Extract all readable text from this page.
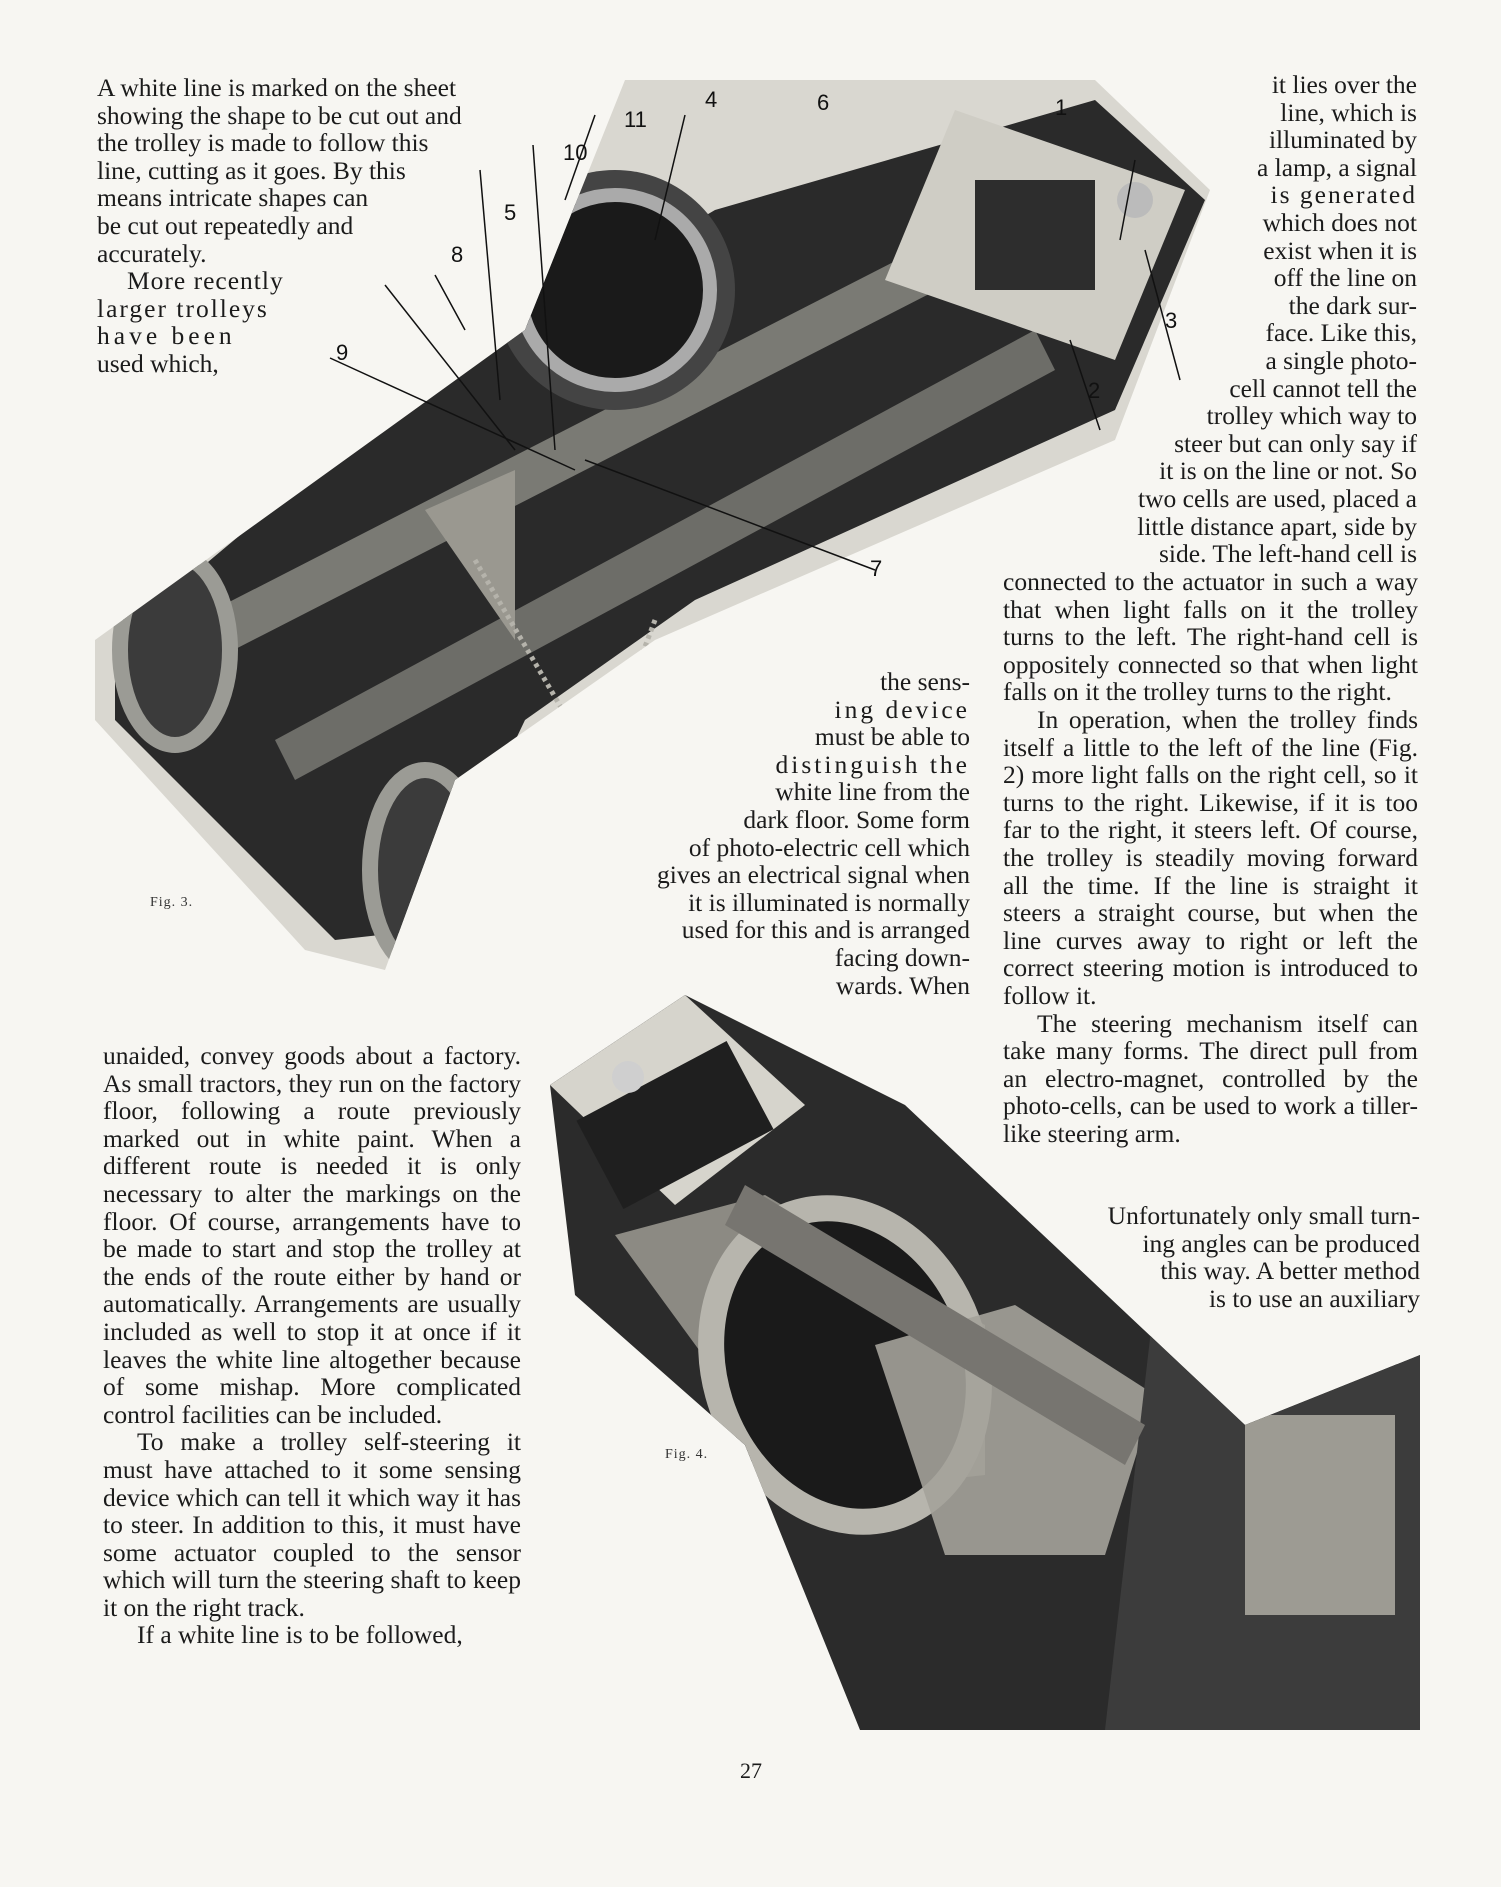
A white line is marked on the sheet
showing the shape to be cut out and
the trolley is made to follow this
line, cutting as it goes. By this
means intricate shapes can
be cut out repeatedly and
accurately.
More recently
larger trolleys
have been
used which,
1
2
3
4
5
6
7
8
9
10
11
Fig. 3.
the sens-
ing device
must be able to
distinguish the
white line from the
dark floor. Some form
of photo-electric cell which
gives an electrical signal when
it is illuminated is normally
used for this and is arranged
facing down-
wards. When
it lies over the
line, which is
illuminated by
a lamp, a signal
is generated
which does not
exist when it is
off the line on
the dark sur-
face. Like this,
a single photo-
cell cannot tell the
trolley which way to
steer but can only say if
it is on the line or not. So
two cells are used, placed a
little distance apart, side by
side. The left-hand cell is

connected to the actuator in such a way that when light falls on it the trolley turns to the left. The right-hand cell is oppositely connected so that when light falls on it the trolley turns to the right.

In operation, when the trolley finds itself a little to the left of the line (Fig. 2) more light falls on the right cell, so it turns to the right. Likewise, if it is too far to the right, it steers left. Of course, the trolley is steadily moving forward all the time. If the line is straight it steers a straight course, but when the line curves away to right or left the correct steering motion is introduced to follow it.

The steering mechanism itself can take many forms. The direct pull from an electro-magnet, controlled by the photo-cells, can be used to work a tiller-like steering arm.

Unfortunately only small turn-
ing angles can be produced
this way. A better method
is to use an auxiliary
Fig. 4.

unaided, convey goods about a factory. As small tractors, they run on the factory floor, following a route previously marked out in white paint. When a different route is needed it is only necessary to alter the markings on the floor. Of course, arrangements have to be made to start and stop the trolley at the ends of the route either by hand or automatically. Arrangements are usually included as well to stop it at once if it leaves the white line altogether because of some mishap. More complicated control facilities can be included.

To make a trolley self-steering it must have attached to it some sensing device which can tell it which way it has to steer. In addition to this, it must have some actuator coupled to the sensor which will turn the steering shaft to keep it on the right track.

If a white line is to be followed,

27
